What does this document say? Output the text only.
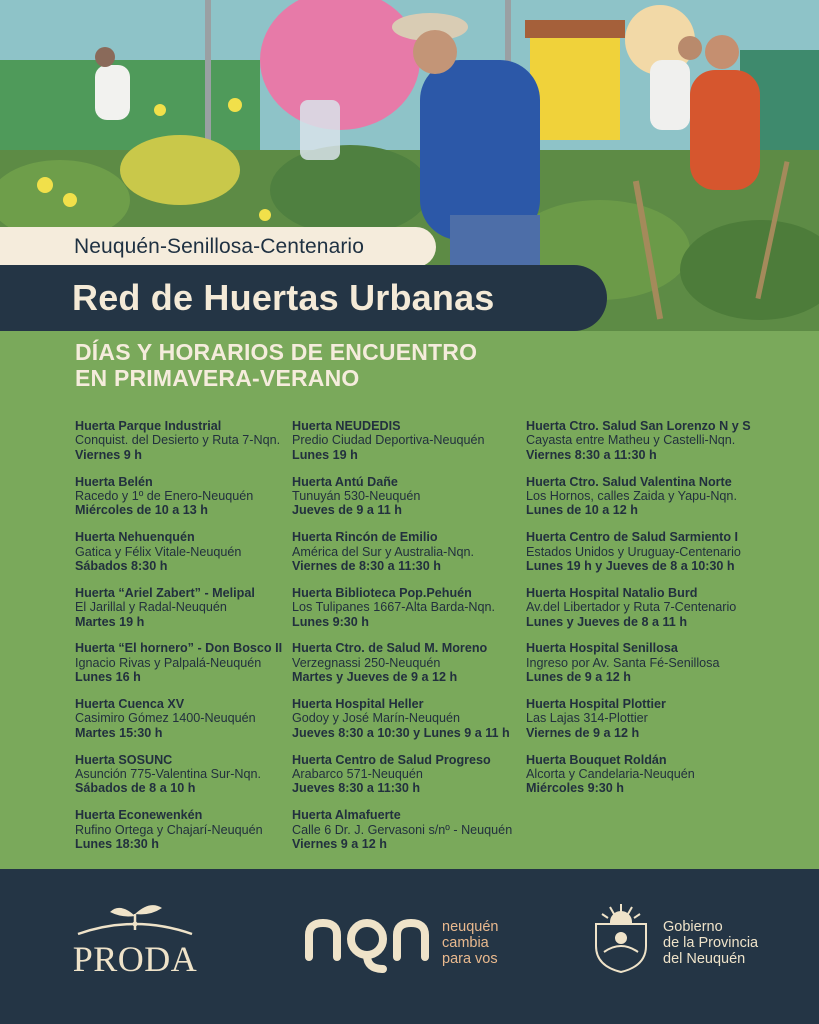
Neuquén-Senillosa-Centenario
Red de Huertas Urbanas
DÍAS Y HORARIOS DE ENCUENTRO
EN PRIMAVERA-VERANO
Huerta Parque Industrial
Conquist. del Desierto y Ruta 7-Nqn.
Viernes 9 h
Huerta Belén
Racedo y 1º de Enero-Neuquén
Miércoles de 10 a 13 h
Huerta Nehuenquén
Gatica y Félix Vitale-Neuquén
Sábados 8:30 h
Huerta “Ariel Zabert” - Melipal
El Jarillal y Radal-Neuquén
Martes 19 h
Huerta “El hornero” - Don Bosco II
Ignacio Rivas y Palpalá-Neuquén
Lunes 16 h
Huerta Cuenca XV
Casimiro Gómez 1400-Neuquén
Martes 15:30 h
Huerta SOSUNC
Asunción 775-Valentina Sur-Nqn.
Sábados de 8 a 10 h
Huerta Econewenkén
Rufino Ortega y Chajarí-Neuquén
Lunes 18:30 h
Huerta NEUDEDIS
Predio Ciudad Deportiva-Neuquén
Lunes 19 h
Huerta Antú Dañe
Tunuyán 530-Neuquén
Jueves de 9 a 11 h
Huerta Rincón de Emilio
América del Sur y Australia-Nqn.
Viernes de 8:30 a 11:30 h
Huerta Biblioteca Pop.Pehuén
Los Tulipanes 1667-Alta Barda-Nqn.
Lunes 9:30 h
Huerta Ctro. de Salud M. Moreno
Verzegnassi 250-Neuquén
Martes y Jueves de 9 a 12 h
Huerta Hospital Heller
Godoy y José Marín-Neuquén
Jueves 8:30 a 10:30 y Lunes 9 a 11 h
Huerta Centro de Salud Progreso
Arabarco 571-Neuquén
Jueves 8:30 a 11:30 h
Huerta Almafuerte
Calle 6 Dr. J. Gervasoni s/nº - Neuquén
Viernes 9 a 12 h
Huerta Ctro. Salud San Lorenzo N y S
Cayasta entre Matheu y Castelli-Nqn.
Viernes 8:30 a 11:30 h
Huerta Ctro. Salud Valentina Norte
Los Hornos, calles Zaida y Yapu-Nqn.
Lunes de 10 a 12 h
Huerta Centro de Salud Sarmiento I
Estados Unidos y Uruguay-Centenario
Lunes 19 h y Jueves de 8 a 10:30 h
Huerta Hospital Natalio Burd
Av.del Libertador y Ruta 7-Centenario
Lunes y Jueves de 8 a 11 h
Huerta Hospital Senillosa
Ingreso por Av. Santa Fé-Senillosa
Lunes de 9 a 12 h
Huerta Hospital Plottier
Las Lajas 314-Plottier
Viernes de 9 a 12 h
Huerta Bouquet Roldán
Alcorta y Candelaria-Neuquén
Miércoles 9:30 h
PRODA
neuquén
cambia
para vos
Gobierno
de la Provincia
del Neuquén
